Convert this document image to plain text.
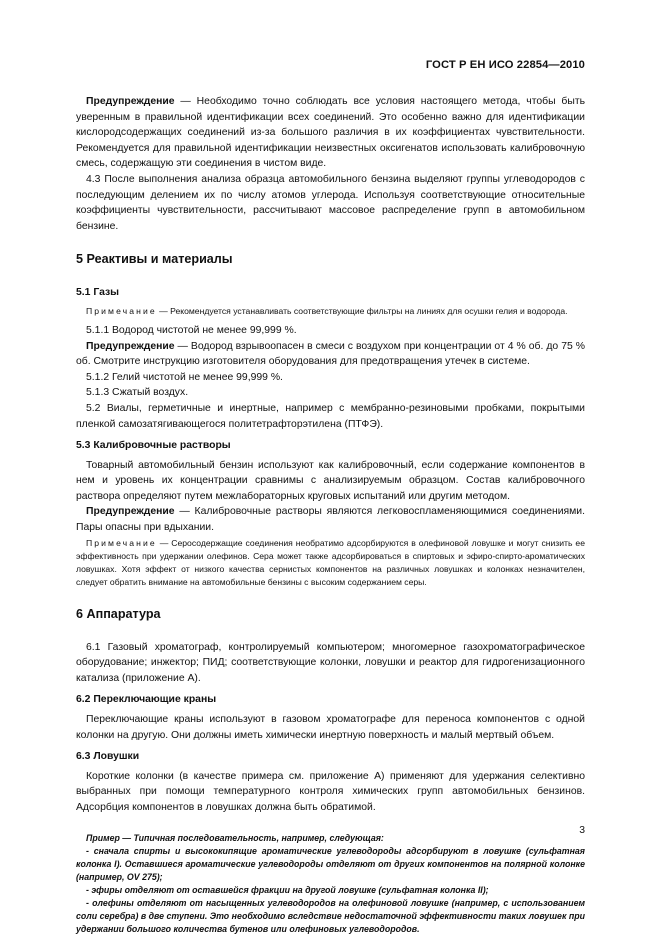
ГОСТ Р ЕН ИСО 22854—2010

Предупреждение — Необходимо точно соблюдать все условия настоящего метода, чтобы быть уверенным в правильной идентификации всех соединений. Это особенно важно для идентификации кислородсодержащих соединений из-за большого различия в их коэффициентах чувствительности. Рекомендуется для правильной идентификации неизвестных оксигенатов использовать калибровочную смесь, содержащую эти соединения в чистом виде.

4.3 После выполнения анализа образца автомобильного бензина выделяют группы углеводородов с последующим делением их по числу атомов углерода. Используя соответствующие относительные коэффициенты чувствительности, рассчитывают массовое распределение групп в автомобильном бензине.

5 Реактивы и материалы
5.1 Газы

Примечание — Рекомендуется устанавливать соответствующие фильтры на линиях для осушки гелия и водорода.

5.1.1 Водород чистотой не менее 99,999 %.

Предупреждение — Водород взрывоопасен в смеси с воздухом при концентрации от 4 % об. до 75 % об. Смотрите инструкцию изготовителя оборудования для предотвращения утечек в системе.

5.1.2 Гелий чистотой не менее 99,999 %.

5.1.3 Сжатый воздух.

5.2 Виалы, герметичные и инертные, например с мембранно-резиновыми пробками, покрытыми пленкой самозатягивающегося политетрафторэтилена (ПТФЭ).

5.3 Калибровочные растворы

Товарный автомобильный бензин используют как калибровочный, если содержание компонентов в нем и уровень их концентрации сравнимы с анализируемым образцом. Состав калибровочного раствора определяют путем межлабораторных круговых испытаний или другим методом.

Предупреждение — Калибровочные растворы являются легковоспламеняющимися соединениями. Пары опасны при вдыхании.

Примечание — Серосодержащие соединения необратимо адсорбируются в олефиновой ловушке и могут снизить ее эффективность при удержании олефинов. Сера может также адсорбироваться в спиртовых и эфиро-спирто-ароматических ловушках. Хотя эффект от низкого качества сернистых компонентов на различных ловушках и колонках незначителен, следует обратить внимание на автомобильные бензины с высоким содержанием серы.

6 Аппаратура

6.1 Газовый хроматограф, контролируемый компьютером; многомерное газохроматографическое оборудование; инжектор; ПИД; соответствующие колонки, ловушки и реактор для гидрогенизационного катализа (приложение А).

6.2 Переключающие краны

Переключающие краны используют в газовом хроматографе для переноса компонентов с одной колонки на другую. Они должны иметь химически инертную поверхность и малый мертвый объем.

6.3 Ловушки

Короткие колонки (в качестве примера см. приложение А) применяют для удержания селективно выбранных при помощи температурного контроля химических групп автомобильных бензинов. Адсорбция компонентов в ловушках должна быть обратимой.

Пример — Типичная последовательность, например, следующая:

- сначала спирты и высококипящие ароматические углеводороды адсорбируют в ловушке (сульфатная колонка I). Оставшиеся ароматические углеводороды отделяют от других компонентов на полярной колонке (например, OV 275);

- эфиры отделяют от оставшейся фракции на другой ловушке (сульфатная колонка II);

- олефины отделяют от насыщенных углеводородов на олефиновой ловушке (например, с использованием соли серебра) в две ступени. Это необходимо вследствие недостаточной эффективности таких ловушек при удержании большого количества бутенов или олефиновых углеводородов.

3
